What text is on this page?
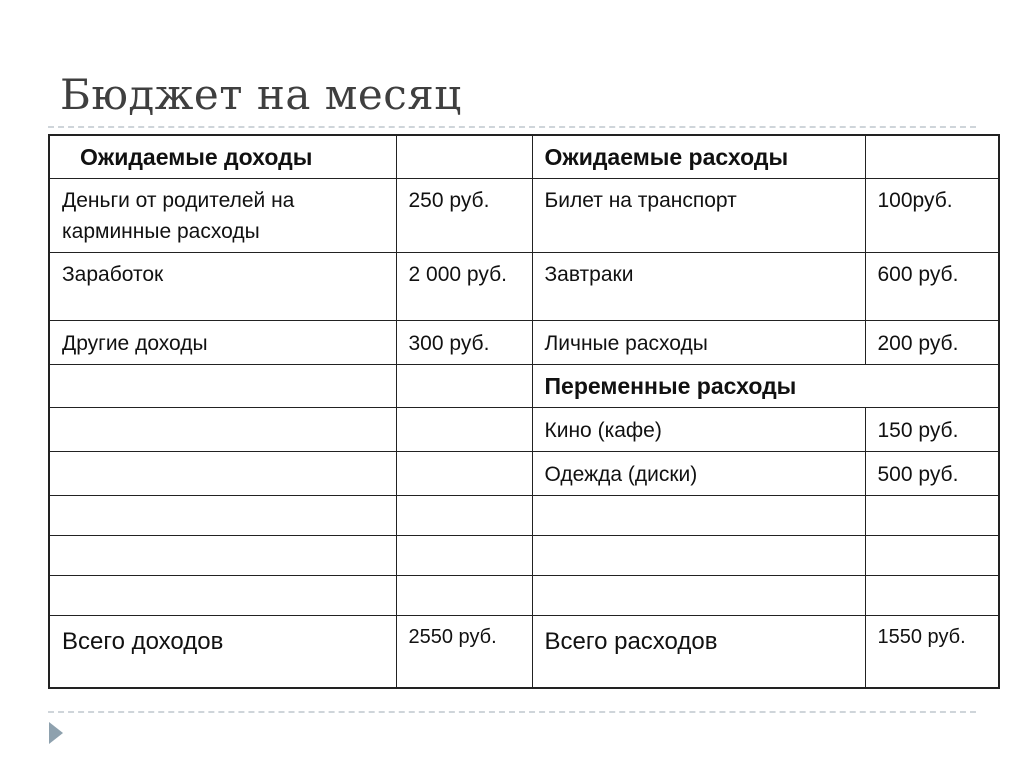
Бюджет на месяц
Ожидаемые доходы		Ожидаемые расходы	
Деньги от родителей на карминные расходы	250 руб.	Билет на транспорт	100руб.
Заработок	2 000 руб.	Завтраки	600 руб.
Другие доходы	300 руб.	Личные расходы	200 руб.
		Переменные расходы	
		Кино (кафе)	150 руб.
		Одежда (диски)	500 руб.

Всего доходов	2550 руб.	Всего расходов	1550 руб.
